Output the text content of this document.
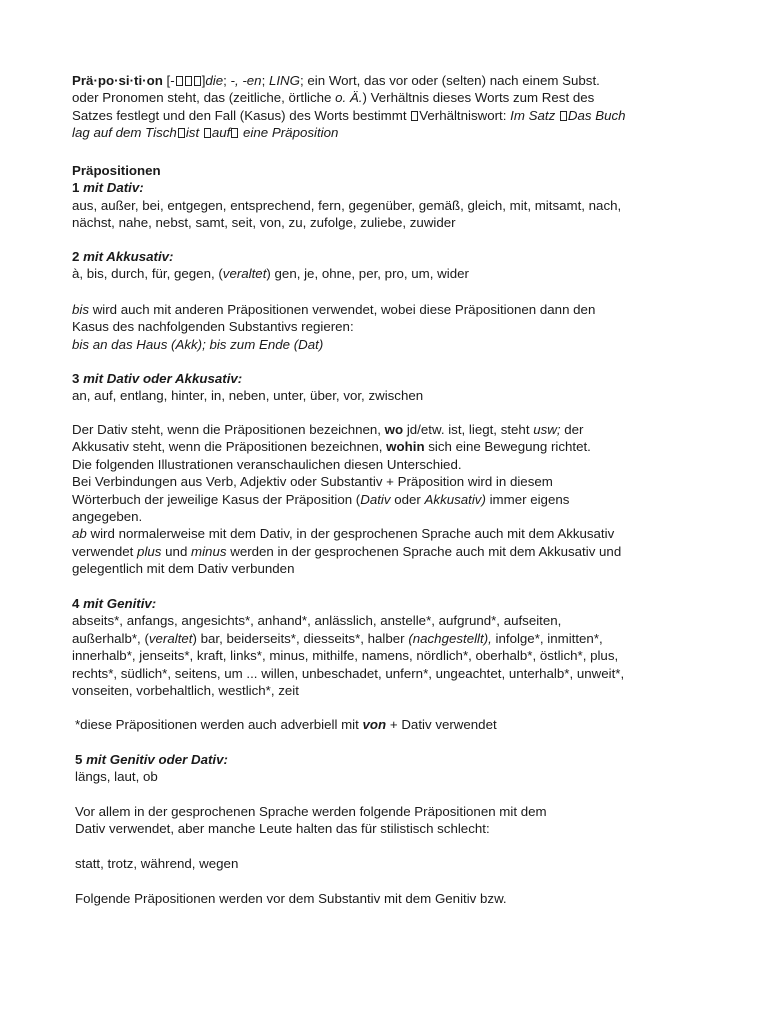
Prä·po·si·ti·on [- ]die; -, -en; LING; ein Wort, das vor oder (selten) nach einem Subst.

oder Pronomen steht, das (zeitliche, örtliche o. Ä.) Verhältnis dieses Worts zum Rest des

Satzes festlegt und den Fall (Kasus) des Worts bestimmt Verhältniswort: Im Satz Das Buch

lag auf dem Tisch ist auf eine Präposition

Präpositionen

1 mit Dativ:

aus, außer, bei, entgegen, entsprechend, fern, gegenüber, gemäß, gleich, mit, mitsamt, nach,

nächst, nahe, nebst, samt, seit, von, zu, zufolge, zuliebe, zuwider

2 mit Akkusativ:

à, bis, durch, für, gegen, (veraltet) gen, je, ohne, per, pro, um, wider

bis wird auch mit anderen Präpositionen verwendet, wobei diese Präpositionen dann den

Kasus des nachfolgenden Substantivs regieren:

bis an das Haus (Akk); bis zum Ende (Dat)

3 mit Dativ oder Akkusativ:

an, auf, entlang, hinter, in, neben, unter, über, vor, zwischen

Der Dativ steht, wenn die Präpositionen bezeichnen, wo jd/etw. ist, liegt, steht usw; der

Akkusativ steht, wenn die Präpositionen bezeichnen, wohin sich eine Bewegung richtet.

Die folgenden Illustrationen veranschaulichen diesen Unterschied.

Bei Verbindungen aus Verb, Adjektiv oder Substantiv + Präposition wird in diesem

Wörterbuch der jeweilige Kasus der Präposition (Dativ oder Akkusativ) immer eigens

angegeben.

ab wird normalerweise mit dem Dativ, in der gesprochenen Sprache auch mit dem Akkusativ

verwendet plus und minus werden in der gesprochenen Sprache auch mit dem Akkusativ und

gelegentlich mit dem Dativ verbunden

4 mit Genitiv:

abseits*, anfangs, angesichts*, anhand*, anlässlich, anstelle*, aufgrund*, aufseiten,

außerhalb*, (veraltet) bar, beiderseits*, diesseits*, halber (nachgestellt), infolge*, inmitten*,

innerhalb*, jenseits*, kraft, links*, minus, mithilfe, namens, nördlich*, oberhalb*, östlich*, plus,

rechts*, südlich*, seitens, um ... willen, unbeschadet, unfern*, ungeachtet, unterhalb*, unweit*,

vonseiten, vorbehaltlich, westlich*, zeit

*diese Präpositionen werden auch adverbiell mit von + Dativ verwendet

5 mit Genitiv oder Dativ:

längs, laut, ob

Vor allem in der gesprochenen Sprache werden folgende Präpositionen mit dem

Dativ verwendet, aber manche Leute halten das für stilistisch schlecht:

statt, trotz, während, wegen

Folgende Präpositionen werden vor dem Substantiv mit dem Genitiv bzw.
